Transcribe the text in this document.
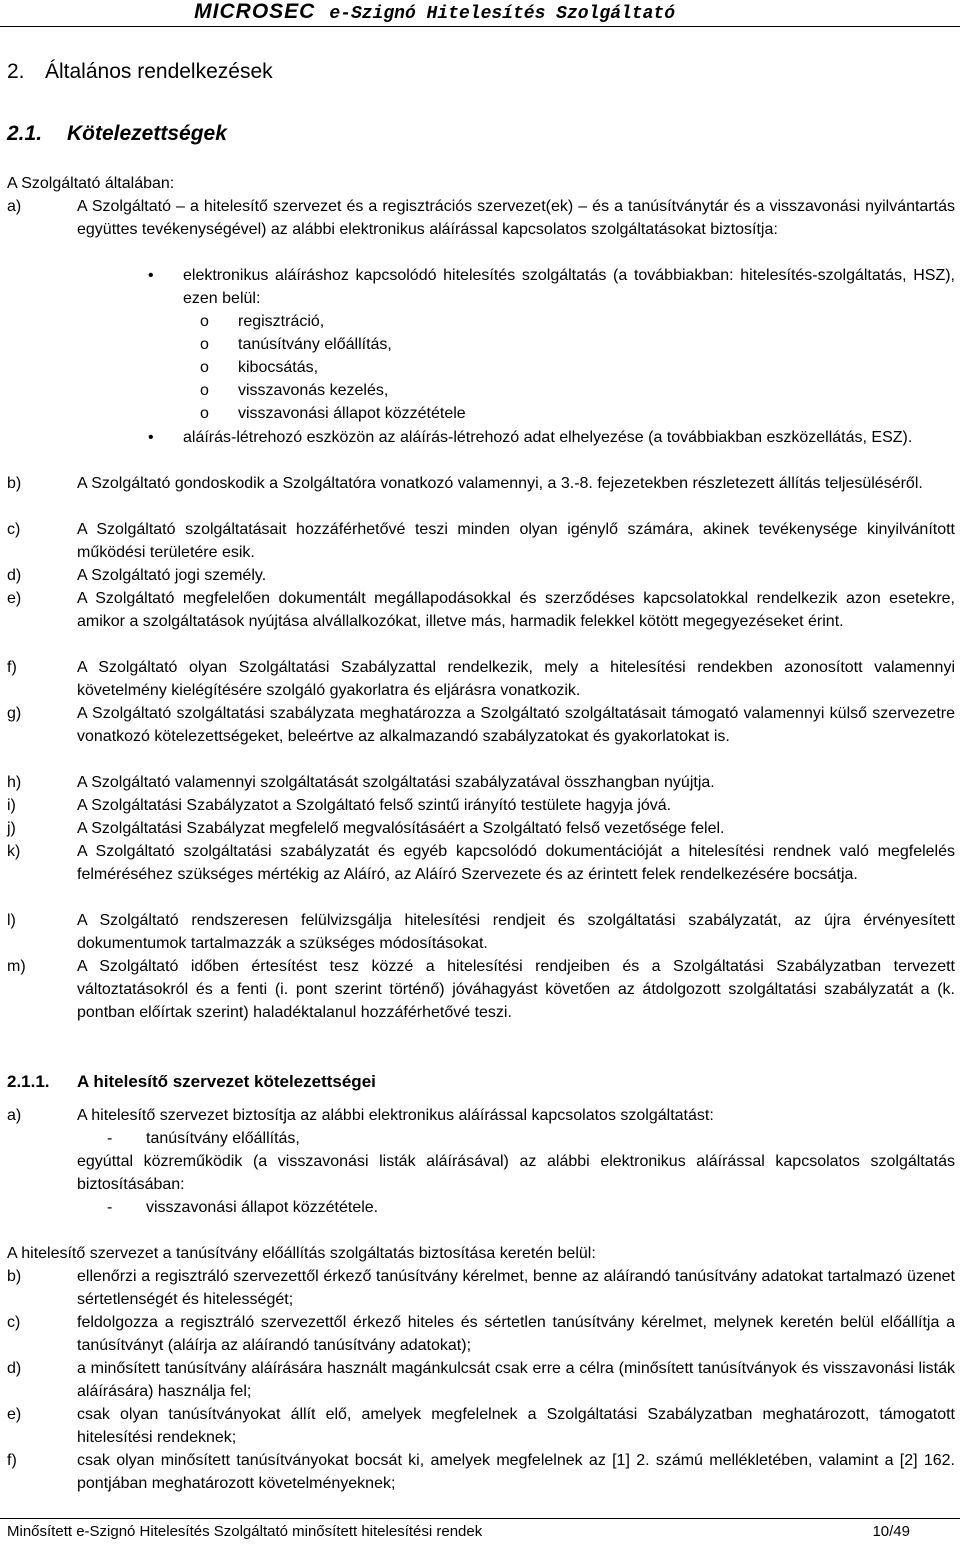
MICROSEC e-Szignó Hitelesítés Szolgáltató
2. Általános rendelkezések
2.1. Kötelezettségek
A Szolgáltató általában:
a)	A Szolgáltató – a hitelesítő szervezet és a regisztrációs szervezet(ek) – és a tanúsítványtár és a visszavonási nyilvántartás együttes tevékenységével) az alábbi elektronikus aláírással kapcsolatos szolgáltatásokat biztosítja:
• elektronikus aláíráshoz kapcsolódó hitelesítés szolgáltatás (a továbbiakban: hitelesítés-szolgáltatás, HSZ), ezen belül:
o regisztráció,
o tanúsítvány előállítás,
o kibocsátás,
o visszavonás kezelés,
o visszavonási állapot közzététele
• aláírás-létrehozó eszközön az aláírás-létrehozó adat elhelyezése (a továbbiakban eszközellátás, ESZ).
b)	A Szolgáltató gondoskodik a Szolgáltatóra vonatkozó valamennyi, a 3.-8. fejezetekben részletezett állítás teljesüléséről.
c)	A Szolgáltató szolgáltatásait hozzáférhetővé teszi minden olyan igénylő számára, akinek tevékenysége kinyilvánított működési területére esik.
d)	A Szolgáltató jogi személy.
e)	A Szolgáltató megfelelően dokumentált megállapodásokkal és szerződéses kapcsolatokkal rendelkezik azon esetekre, amikor a szolgáltatások nyújtása alvállalkozókat, illetve más, harmadik felekkel kötött megegyezéseket érint.
f)	A Szolgáltató olyan Szolgáltatási Szabályzattal rendelkezik, mely a hitelesítési rendekben azonosított valamennyi követelmény kielégítésére szolgáló gyakorlatra és eljárásra vonatkozik.
g)	A Szolgáltató szolgáltatási szabályzata meghatározza a Szolgáltató szolgáltatásait támogató valamennyi külső szervezetre vonatkozó kötelezettségeket, beleértve az alkalmazandó szabályzatokat és gyakorlatokat is.
h)	A Szolgáltató valamennyi szolgáltatását szolgáltatási szabályzatával összhangban nyújtja.
i)	A Szolgáltatási Szabályzatot a Szolgáltató felső szintű irányító testülete hagyja jóvá.
j)	A Szolgáltatási Szabályzat megfelelő megvalósításáért a Szolgáltató felső vezetősége felel.
k)	A Szolgáltató szolgáltatási szabályzatát és egyéb kapcsolódó dokumentációját a hitelesítési rendnek való megfelelés felméréséhez szükséges mértékig az Aláíró, az Aláíró Szervezete és az érintett felek rendelkezésére bocsátja.
l)	A Szolgáltató rendszeresen felülvizsgálja hitelesítési rendjeit és szolgáltatási szabályzatát, az újra érvényesített dokumentumok tartalmazzák a szükséges módosításokat.
m)	A Szolgáltató időben értesítést tesz közzé a hitelesítési rendjeiben és a Szolgáltatási Szabályzatban tervezett változtatásokról és a fenti (i. pont szerint történő) jóváhagyást követően az átdolgozott szolgáltatási szabályzatát a (k. pontban előírtak szerint) haladéktalanul hozzáférhetővé teszi.
2.1.1. A hitelesítő szervezet kötelezettségei
a)	A hitelesítő szervezet biztosítja az alábbi elektronikus aláírással kapcsolatos szolgáltatást:
- tanúsítvány előállítás,
egyúttal közreműködik (a visszavonási listák aláírásával) az alábbi elektronikus aláírással kapcsolatos szolgáltatás biztosításában:
- visszavonási állapot közzététele.
A hitelesítő szervezet a tanúsítvány előállítás szolgáltatás biztosítása keretén belül:
b)	ellenőrzi a regisztráló szervezettől érkező tanúsítvány kérelmet, benne az aláírandó tanúsítvány adatokat tartalmazó üzenet sértetlenségét és hitelességét;
c)	feldolgozza a regisztráló szervezettől érkező hiteles és sértetlen tanúsítvány kérelmet, melynek keretén belül előállítja a tanúsítványt (aláírja az aláírandó tanúsítvány adatokat);
d)	a minősített tanúsítvány aláírására használt magánkulcsát csak erre a célra (minősített tanúsítványok és visszavonási listák aláírására) használja fel;
e)	csak olyan tanúsítványokat állít elő, amelyek megfelelnek a Szolgáltatási Szabályzatban meghatározott, támogatott hitelesítési rendeknek;
f)	csak olyan minősített tanúsítványokat bocsát ki, amelyek megfelelnek az [1] 2. számú mellékletében, valamint a [2] 162. pontjában meghatározott követelményeknek;
Minősített e-Szignó Hitelesítés Szolgáltató minősített hitelesítési rendek	10/49
